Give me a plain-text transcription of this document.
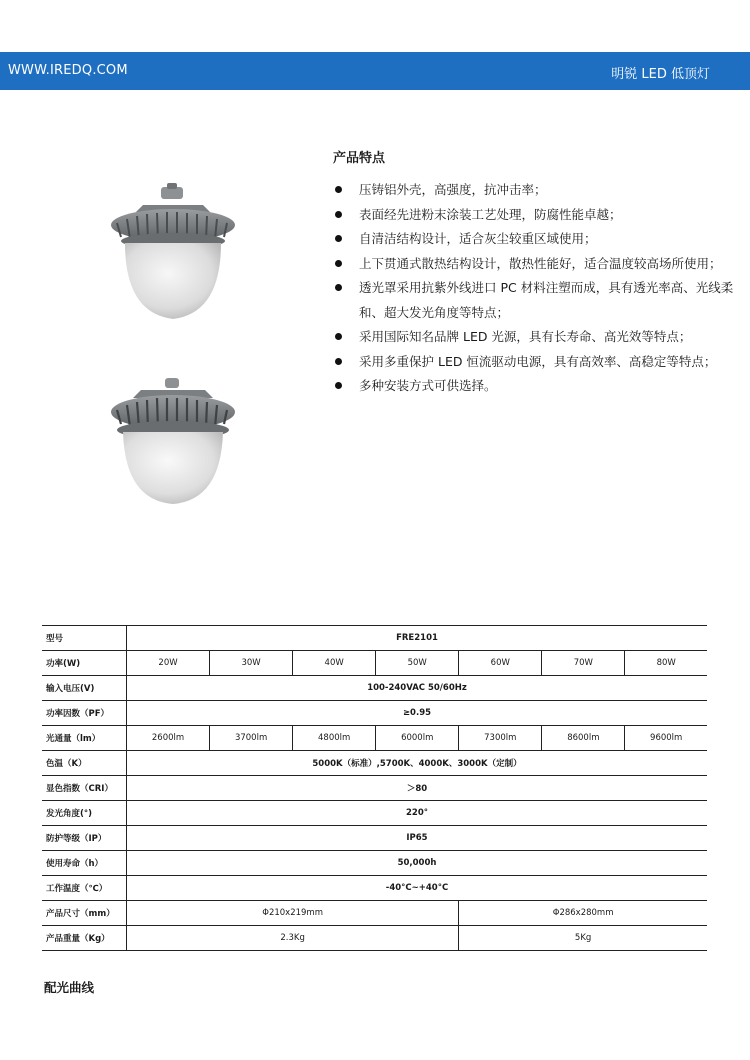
WWW.IREDQ.COM	明锐 LED 低顶灯
产品特点
压铸铝外壳，高强度，抗冲击率；
表面经先进粉末涂装工艺处理，防腐性能卓越；
自清洁结构设计，适合灰尘较重区域使用；
上下贯通式散热结构设计，散热性能好，适合温度较高场所使用；
透光罩采用抗紫外线进口 PC 材料注塑而成，具有透光率高、光线柔和、超大发光角度等特点；
采用国际知名品牌 LED 光源，具有长寿命、高光效等特点；
采用多重保护 LED 恒流驱动电源，具有高效率、高稳定等特点；
多种安装方式可供选择。
型号	FRE2101						
功率(W)	20W	30W	40W	50W	60W	70W	80W
输入电压(V)	100-240VAC 50/60Hz						
功率因数（PF）	≥0.95						
光通量（lm）	2600lm	3700lm	4800lm	6000lm	7300lm	8600lm	9600lm
色温（K）	5000K（标准）,5700K、4000K、3000K（定制）						
显色指数（CRI）	＞80						
发光角度(°)	220°						
防护等级（IP）	IP65						
使用寿命（h）	50,000h						
工作温度（℃）	-40°C~+40°C						
产品尺寸（mm）	Φ210x219mm				Φ286x280mm		
产品重量（Kg）	2.3Kg				5Kg		
配光曲线
